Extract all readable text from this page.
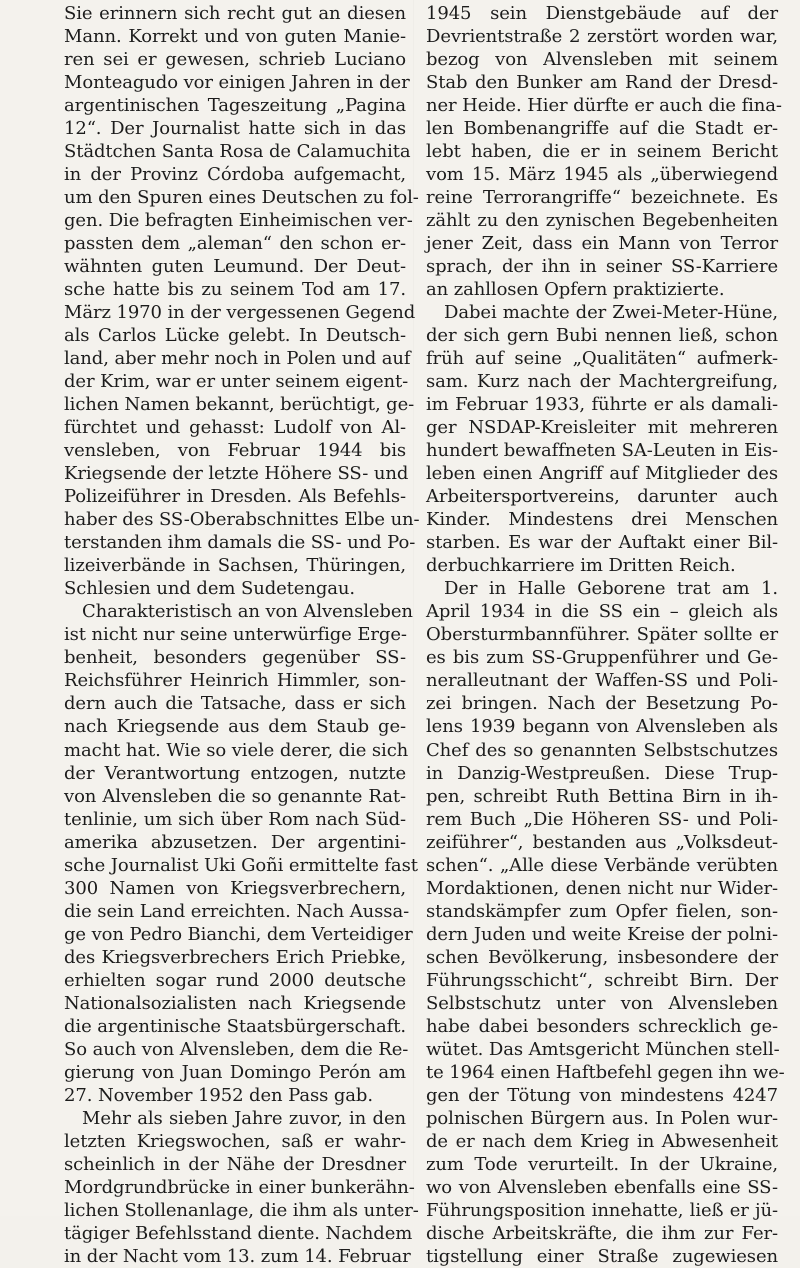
Sie erinnern sich recht gut an diesen
Mann. Korrekt und von guten Manie-
ren sei er gewesen, schrieb Luciano
Monteagudo vor einigen Jahren in der
argentinischen Tageszeitung „Pagina
12“. Der Journalist hatte sich in das
Städtchen Santa Rosa de Calamuchita
in der Provinz Córdoba aufgemacht,
um den Spuren eines Deutschen zu fol-
gen. Die befragten Einheimischen ver-
passten dem „aleman“ den schon er-
wähnten guten Leumund. Der Deut-
sche hatte bis zu seinem Tod am 17.
März 1970 in der vergessenen Gegend
als Carlos Lücke gelebt. In Deutsch-
land, aber mehr noch in Polen und auf
der Krim, war er unter seinem eigent-
lichen Namen bekannt, berüchtigt, ge-
fürchtet und gehasst: Ludolf von Al-
vensleben, von Februar 1944 bis
Kriegsende der letzte Höhere SS- und
Polizeiführer in Dresden. Als Befehls-
haber des SS-Oberabschnittes Elbe un-
terstanden ihm damals die SS- und Po-
lizeiverbände in Sachsen, Thüringen,
Schlesien und dem Sudetengau.
Charakteristisch an von Alvensleben
ist nicht nur seine unterwürfige Erge-
benheit, besonders gegenüber SS-
Reichsführer Heinrich Himmler, son-
dern auch die Tatsache, dass er sich
nach Kriegsende aus dem Staub ge-
macht hat. Wie so viele derer, die sich
der Verantwortung entzogen, nutzte
von Alvensleben die so genannte Rat-
tenlinie, um sich über Rom nach Süd-
amerika abzusetzen. Der argentini-
sche Journalist Uki Goñi ermittelte fast
300 Namen von Kriegsverbrechern,
die sein Land erreichten. Nach Aussa-
ge von Pedro Bianchi, dem Verteidiger
des Kriegsverbrechers Erich Priebke,
erhielten sogar rund 2000 deutsche
Nationalsozialisten nach Kriegsende
die argentinische Staatsbürgerschaft.
So auch von Alvensleben, dem die Re-
gierung von Juan Domingo Perón am
27. November 1952 den Pass gab.
Mehr als sieben Jahre zuvor, in den
letzten Kriegswochen, saß er wahr-
scheinlich in der Nähe der Dresdner
Mordgrundbrücke in einer bunkerähn-
lichen Stollenanlage, die ihm als unter-
tägiger Befehlsstand diente. Nachdem
in der Nacht vom 13. zum 14. Februar
1945 sein Dienstgebäude auf der
Devrientstraße 2 zerstört worden war,
bezog von Alvensleben mit seinem
Stab den Bunker am Rand der Dresd-
ner Heide. Hier dürfte er auch die fina-
len Bombenangriffe auf die Stadt er-
lebt haben, die er in seinem Bericht
vom 15. März 1945 als „überwiegend
reine Terrorangriffe“ bezeichnete. Es
zählt zu den zynischen Begebenheiten
jener Zeit, dass ein Mann von Terror
sprach, der ihn in seiner SS-Karriere
an zahllosen Opfern praktizierte.
Dabei machte der Zwei-Meter-Hüne,
der sich gern Bubi nennen ließ, schon
früh auf seine „Qualitäten“ aufmerk-
sam. Kurz nach der Machtergreifung,
im Februar 1933, führte er als damali-
ger NSDAP-Kreisleiter mit mehreren
hundert bewaffneten SA-Leuten in Eis-
leben einen Angriff auf Mitglieder des
Arbeitersportvereins, darunter auch
Kinder. Mindestens drei Menschen
starben. Es war der Auftakt einer Bil-
derbuchkarriere im Dritten Reich.
Der in Halle Geborene trat am 1.
April 1934 in die SS ein – gleich als
Obersturmbannführer. Später sollte er
es bis zum SS-Gruppenführer und Ge-
neralleutnant der Waffen-SS und Poli-
zei bringen. Nach der Besetzung Po-
lens 1939 begann von Alvensleben als
Chef des so genannten Selbstschutzes
in Danzig-Westpreußen. Diese Trup-
pen, schreibt Ruth Bettina Birn in ih-
rem Buch „Die Höheren SS- und Poli-
zeiführer“, bestanden aus „Volksdeut-
schen“. „Alle diese Verbände verübten
Mordaktionen, denen nicht nur Wider-
standskämpfer zum Opfer fielen, son-
dern Juden und weite Kreise der polni-
schen Bevölkerung, insbesondere der
Führungsschicht“, schreibt Birn. Der
Selbstschutz unter von Alvensleben
habe dabei besonders schrecklich ge-
wütet. Das Amtsgericht München stell-
te 1964 einen Haftbefehl gegen ihn we-
gen der Tötung von mindestens 4247
polnischen Bürgern aus. In Polen wur-
de er nach dem Krieg in Abwesenheit
zum Tode verurteilt. In der Ukraine,
wo von Alvensleben ebenfalls eine SS-
Führungsposition innehatte, ließ er jü-
dische Arbeitskräfte, die ihm zur Fer-
tigstellung einer Straße zugewiesen
